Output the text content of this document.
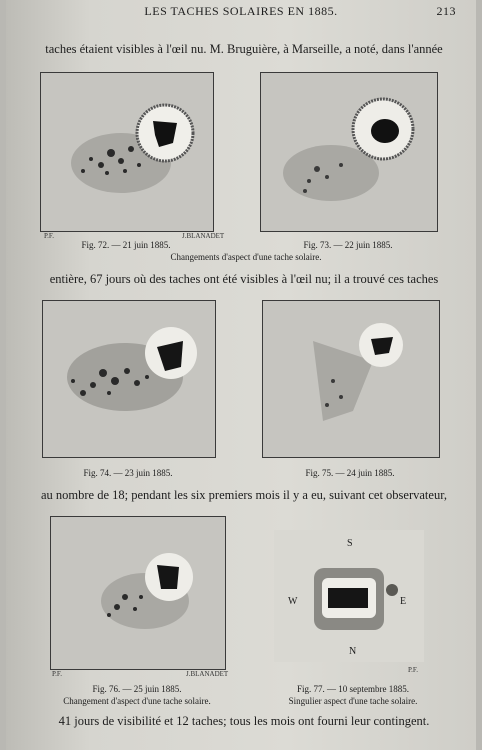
LES TACHES SOLAIRES EN 1885.	213
taches étaient visibles à l'œil nu. M. Bruguière, à Marseille, a noté, dans l'année
P.F.	J.BLANADET
Fig. 72. — 21 juin 1885.	Fig. 73. — 22 juin 1885.
Changements d'aspect d'une tache solaire.
entière, 67 jours où des taches ont été visibles à l'œil nu; il a trouvé ces taches
Fig. 74. — 23 juin 1885.	Fig. 75. — 24 juin 1885.
au nombre de 18; pendant les six premiers mois il y a eu, suivant cet observateur,
P.F.	J.BLANADET
S
N
W	E
P.F.
Fig. 76. — 25 juin 1885.
Changement d'aspect d'une tache solaire.
Fig. 77. — 10 septembre 1885.
Singulier aspect d'une tache solaire.
41 jours de visibilité et 12 taches; tous les mois ont fourni leur contingent.
